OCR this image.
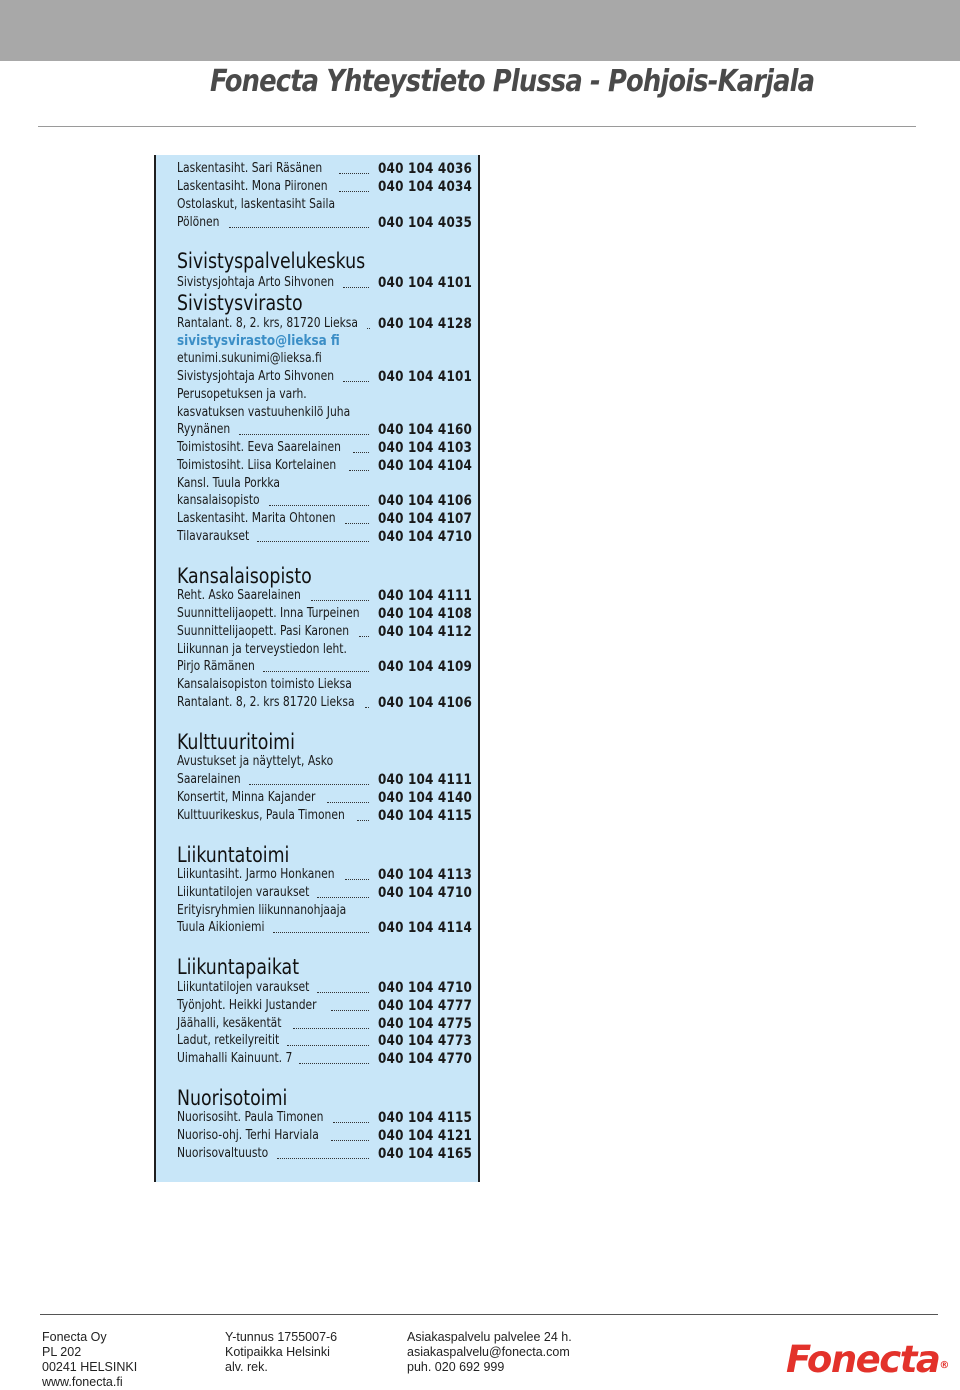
Fonecta Yhteystieto Plussa - Pohjois-Karjala
Sivistyspalvelukeskus
Sivistysvirasto
Kansalaisopisto
Kulttuuritoimi
Liikuntatoimi
Liikuntapaikat
Nuorisotoimi
Laskentasiht. Sari Räsänen	040 104 4036
Laskentasiht. Mona Piironen	040 104 4034
Ostolaskut, laskentasiht Saila
Pölönen	040 104 4035
Sivistysjohtaja Arto Sihvonen	040 104 4101
Rantalant. 8, 2. krs, 81720 Lieksa 040 104 4128
sivistysvirasto@lieksa fi
etunimi.sukunimi@lieksa.fi
Sivistysjohtaja Arto Sihvonen	040 104 4101
Perusopetuksen ja varh.
kasvatuksen vastuuhenkilö Juha
Ryynänen	040 104 4160
Toimistosiht. Eeva Saarelainen	040 104 4103
Toimistosiht. Liisa Kortelainen	040 104 4104
Kansl. Tuula Porkka
kansalaisopisto	040 104 4106
Laskentasiht. Marita Ohtonen	040 104 4107
Tilavaraukset	040 104 4710
Reht. Asko Saarelainen	040 104 4111
Suunnittelijaopett. Inna Turpeinen 040 104 4108
Suunnittelijaopett. Pasi Karonen 040 104 4112
Liikunnan ja terveystiedon leht.
Pirjo Rämänen	040 104 4109
Kansalaisopiston toimisto Lieksa
Rantalant. 8, 2. krs 81720 Lieksa 040 104 4106
Avustukset ja näyttelyt, Asko
Saarelainen	040 104 4111
Konsertit, Minna Kajander	040 104 4140
Kulttuurikeskus, Paula Timonen 040 104 4115
Liikuntasiht. Jarmo Honkanen	040 104 4113
Liikuntatilojen varaukset	040 104 4710
Erityisryhmien liikunnanohjaaja
Tuula Aikioniemi	040 104 4114
Liikuntatilojen varaukset	040 104 4710
Työnjoht. Heikki Justander	040 104 4777
Jäähalli, kesäkentät	040 104 4775
Ladut, retkeilyreitit	040 104 4773
Uimahalli Kainuunt. 7	040 104 4770
Nuorisosiht. Paula Timonen	040 104 4115
Nuoriso-ohj. Terhi Harviala	040 104 4121
Nuorisovaltuusto	040 104 4165
Fonecta Oy
PL 202
00241 HELSINKI
www.fonecta.fi
Y-tunnus 1755007-6
Kotipaikka Helsinki
alv. rek.
Asiakaspalvelu palvelee 24 h.
asiakaspalvelu@fonecta.com
puh. 020 692 999	Fonecta®
